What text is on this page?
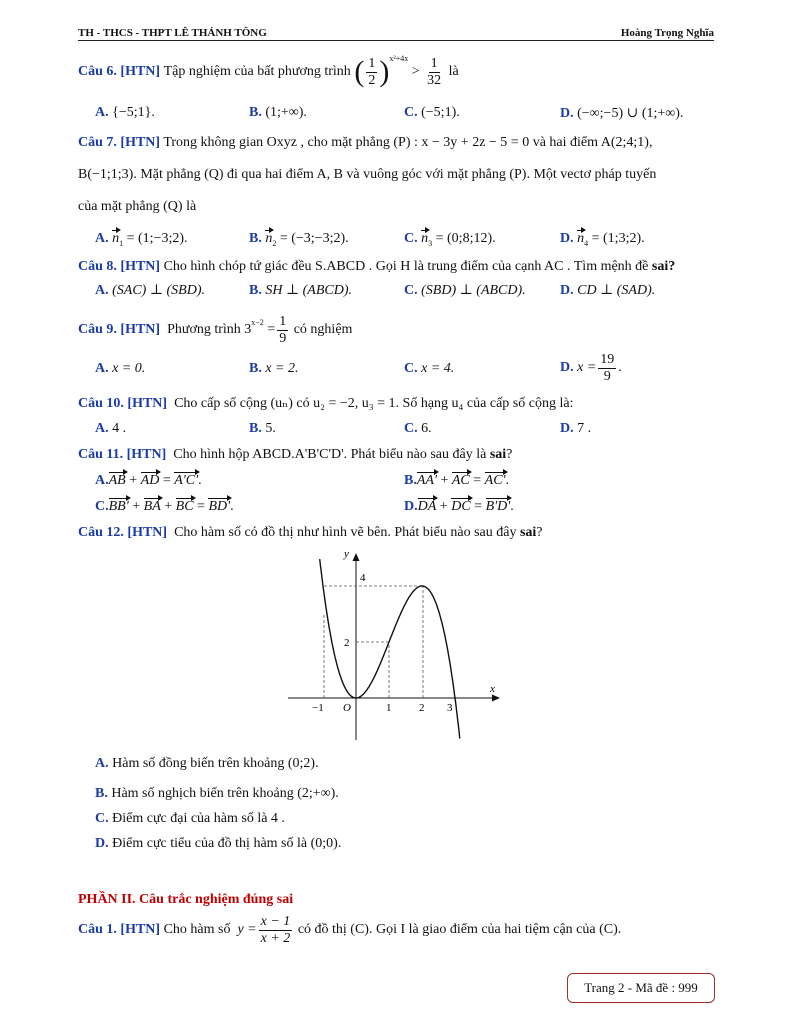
TH - THCS - THPT LÊ THÁNH TÔNG	Hoàng Trọng Nghĩa
Câu 6.
[HTN]
Tập nghiệm của bất phương trình
( $\frac{1}{2} )^{x^2+4x}$
> $\frac{1}{32}$
là
A. {−5;1}.	B. (1;+∞).	C. (−5;1).	D. (−∞;−5) ∪ (1;+∞).
Câu 7. [HTN] Trong không gian Oxyz , cho mặt phẳng (P) : x − 3y + 2z − 5 = 0 và hai điểm A(2;4;1),
B(−1;1;3). Mặt phẳng (Q) đi qua hai điểm A, B và vuông góc với mặt phẳng (P). Một vectơ pháp tuyến
của mặt phẳng (Q) là
A. $n_1$ = (1;−3;2).	B. $n_2$ = (−3;−3;2).	C. $n_3$ = (0;8;12).	D. $n_4$ = (1;3;2).
Câu 8. [HTN] Cho hình chóp tứ giác đều S.ABCD . Gọi H là trung điểm của cạnh AC . Tìm mệnh đề sai?
A. (SAC) ⊥ (SBD).	B. SH ⊥ (ABCD).	C. (SBD) ⊥ (ABCD). D. CD ⊥ (SAD).
Câu 9.
[HTN]
Phương trình
$3^{x-2}$
= $\frac{1}{9}$
có nghiệm
A. x = 0.	B. x = 2.	C. x = 4.	D.
$x = \frac{19}{9}$ .
Câu 10. [HTN] Cho cấp số cộng (uₙ) có u₂ = −2, u₃ = 1. Số hạng u₄ của cấp số cộng là:
A. 4 .	B. 5.	C. 6.	D. 7 .
Câu 11. [HTN] Cho hình hộp ABCD.A'B'C'D'. Phát biểu nào sau đây là sai?
A.AB + AD = A'C'.	B.AA' + AC = AC'.
C.BB' + BA + BC = BD'.	D.DA + DC = B'D'.
Câu 12. [HTN] Cho hàm số có đồ thị như hình vẽ bên. Phát biểu nào sau đây sai?
y
x
O
−1	1	2 3
2
4
A.
Hàm số đồng biến trên khoảng (0;2).
B.
Hàm số nghịch biến trên khoảng (2;+∞).
C.
Điểm cực đại của hàm số là 4 .
D.
Điểm cực tiểu của đồ thị hàm số là (0;0).
PHẦN II. Câu trắc nghiệm đúng sai
Câu 1.
[HTN]
Cho hàm số
$y = \frac{x - 1}{x + 2}$
có đồ thị (C). Gọi I là giao điểm của hai tiệm cận của (C).
Trang 2 - Mã đề : 999
